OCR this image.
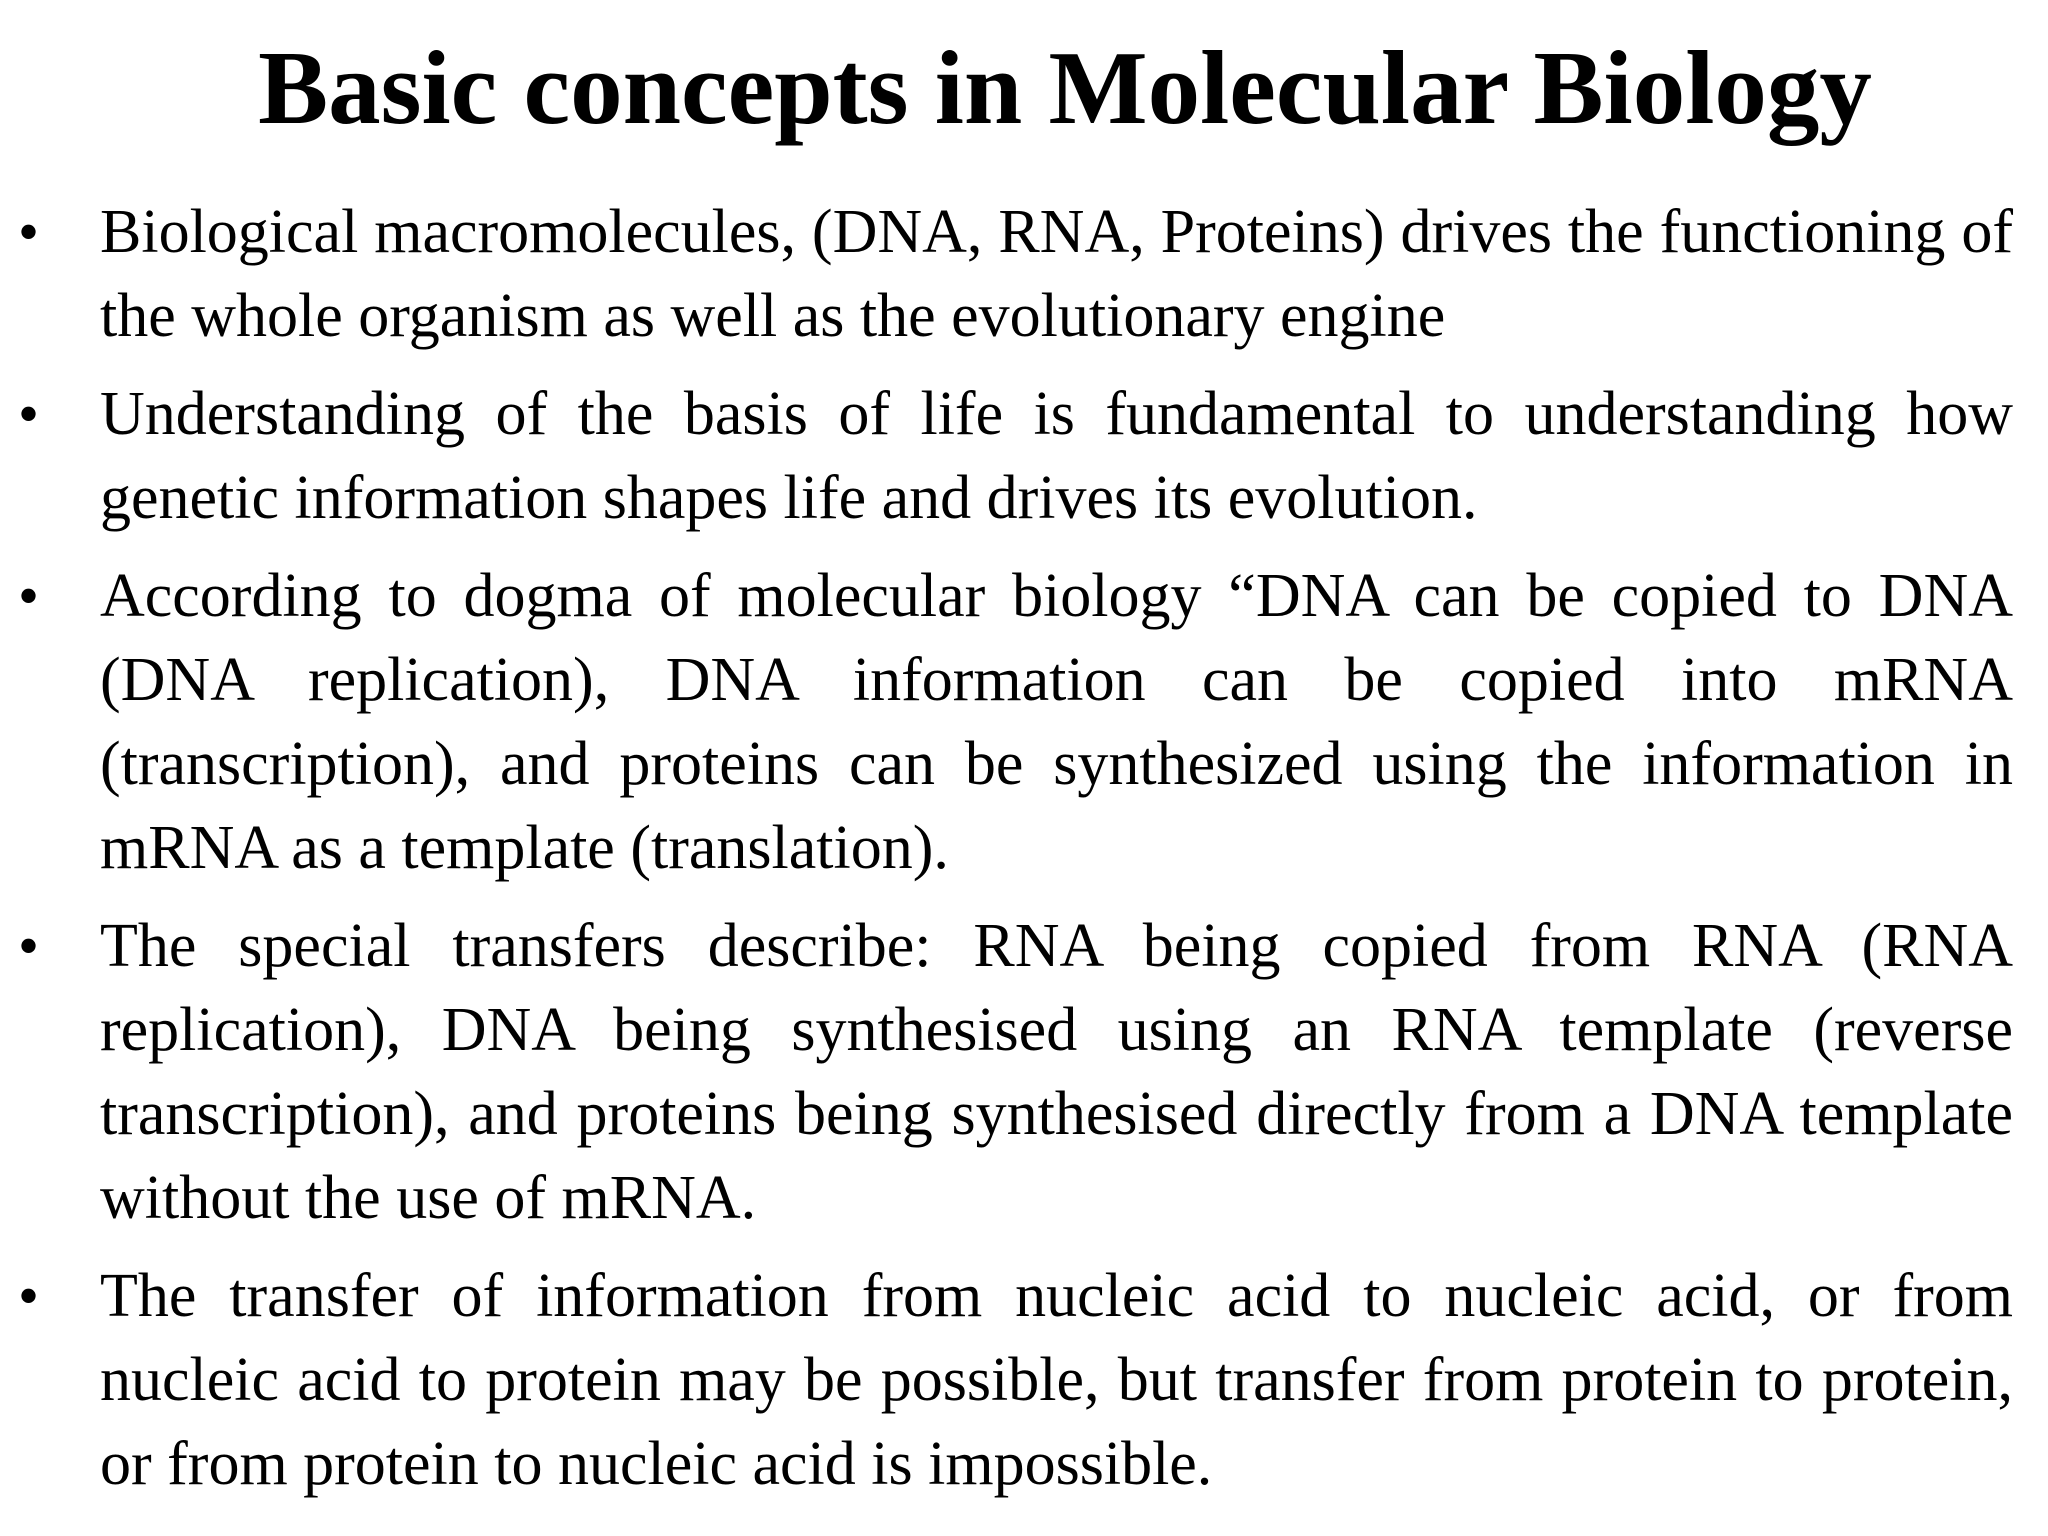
Basic concepts in Molecular Biology
• Biological macromolecules, (DNA, RNA, Proteins) drives the functioning of the whole organism as well as the evolutionary engine
• Understanding of the basis of life is fundamental to understanding how genetic information shapes life and drives its evolution.
• According to dogma of molecular biology “DNA can be copied to DNA (DNA replication), DNA information can be copied into mRNA (transcription), and proteins can be synthesized using the information in mRNA as a template (translation).
• The special transfers describe: RNA being copied from RNA (RNA replication), DNA being synthesised using an RNA template (reverse transcription), and proteins being synthesised directly from a DNA template without the use of mRNA.
• The transfer of information from nucleic acid to nucleic acid, or from nucleic acid to protein may be possible, but transfer from protein to protein, or from protein to nucleic acid is impossible.
